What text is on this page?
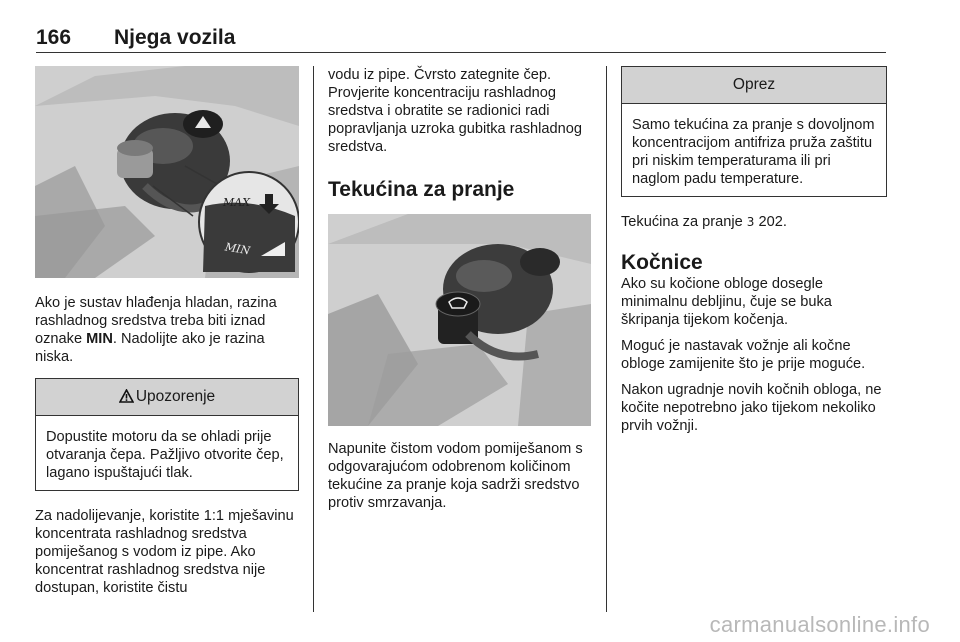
166 Njega vozila
MAX
MIN

Ako je sustav hlađenja hladan, razina rashladnog sredstva treba biti iznad oznake MIN. Nadolijte ako je razina niska.

Upozorenje
Dopustite motoru da se ohladi prije otvaranja čepa. Pažljivo otvorite čep, lagano ispuštajući tlak.

Za nadolijevanje, koristite 1:1 mješavinu koncentrata rashladnog sredstva pomiješanog s vodom iz pipe. Ako koncentrat rashladnog sredstva nije dostupan, koristite čistu

vodu iz pipe. Čvrsto zategnite čep. Provjerite koncentraciju rashladnog sredstva i obratite se radionici radi popravljanja uzroka gubitka rashladnog sredstva.

Tekućina za pranje

Napunite čistom vodom pomiješanom s odgovarajućom odobrenom količinom tekućine za pranje koja sadrži sredstvo protiv smrzavanja.

Oprez
Samo tekućina za pranje s dovoljnom koncentracijom antifriza pruža zaštitu pri niskim temperaturama ili pri naglom padu temperature.

Tekućina za pranje 3 202.

Kočnice

Ako su kočione obloge dosegle minimalnu debljinu, čuje se buka škripanja tijekom kočenja.

Moguć je nastavak vožnje ali kočne obloge zamijenite što je prije moguće.

Nakon ugradnje novih kočnih obloga, ne kočite nepotrebno jako tijekom nekoliko prvih vožnji.

carmanualsonline.info
